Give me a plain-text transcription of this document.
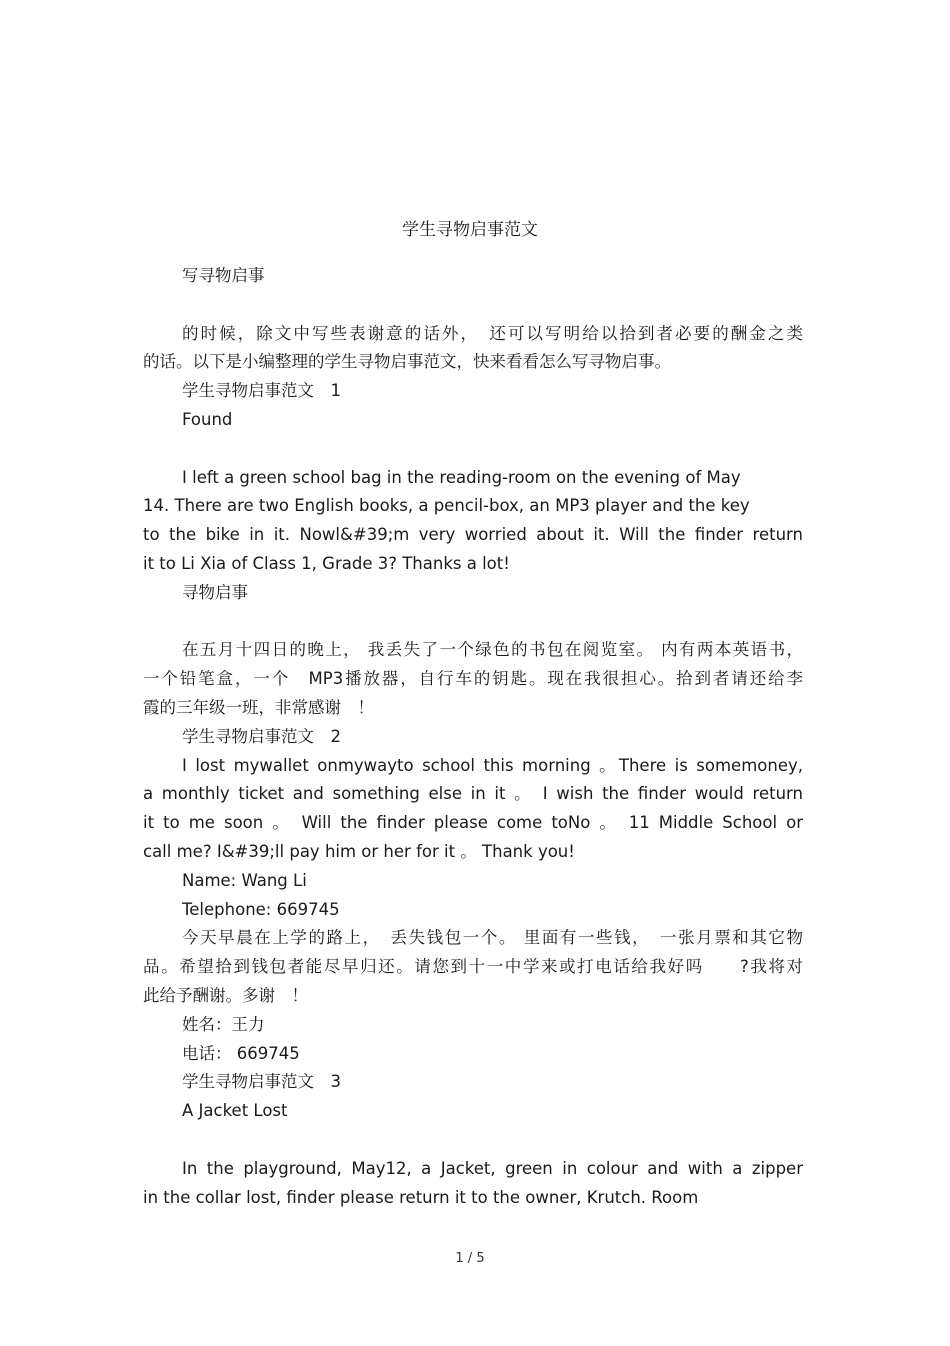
学生寻物启事范文
写寻物启事
的时候，除文中写些表谢意的话外，　还可以写明给以拾到者必要的酬金之类
的话。以下是小编整理的学生寻物启事范文，快来看看怎么写寻物启事。
学生寻物启事范文　1
Found
I left a green school bag in the reading-room on the evening of May
14. There are two English books, a pencil-box, an MP3 player and the key
to the bike in it. Nowl&#39;m very worried about it. Will the finder return
it to Li Xia of Class 1, Grade 3? Thanks a lot!
寻物启事
在五月十四日的晚上， 我丢失了一个绿色的书包在阅览室。 内有两本英语书，
一个铅笔盒，一个　MP3播放器，自行车的钥匙。现在我很担心。拾到者请还给李
霞的三年级一班，非常感谢　！
学生寻物启事范文　2
I lost mywallet onmywayto school this morning 。There is somemoney,
a monthly ticket and something else in it 。 I wish the finder would return
it to me soon 。 Will the finder please come toNo 。 11 Middle School or
call me? I&#39;ll pay him or her for it 。 Thank you!
Name: Wang Li
Telephone: 669745
今天早晨在上学的路上，　丢失钱包一个。 里面有一些钱，　一张月票和其它物
品。希望拾到钱包者能尽早归还。请您到十一中学来或打电话给我好吗　　?我将对
此给予酬谢。多谢　！
姓名：王力
电话： 669745
学生寻物启事范文　3
A Jacket Lost
In the playground, May12, a Jacket, green in colour and with a zipper
in the collar lost, finder please return it to the owner, Krutch. Room
1 / 5
